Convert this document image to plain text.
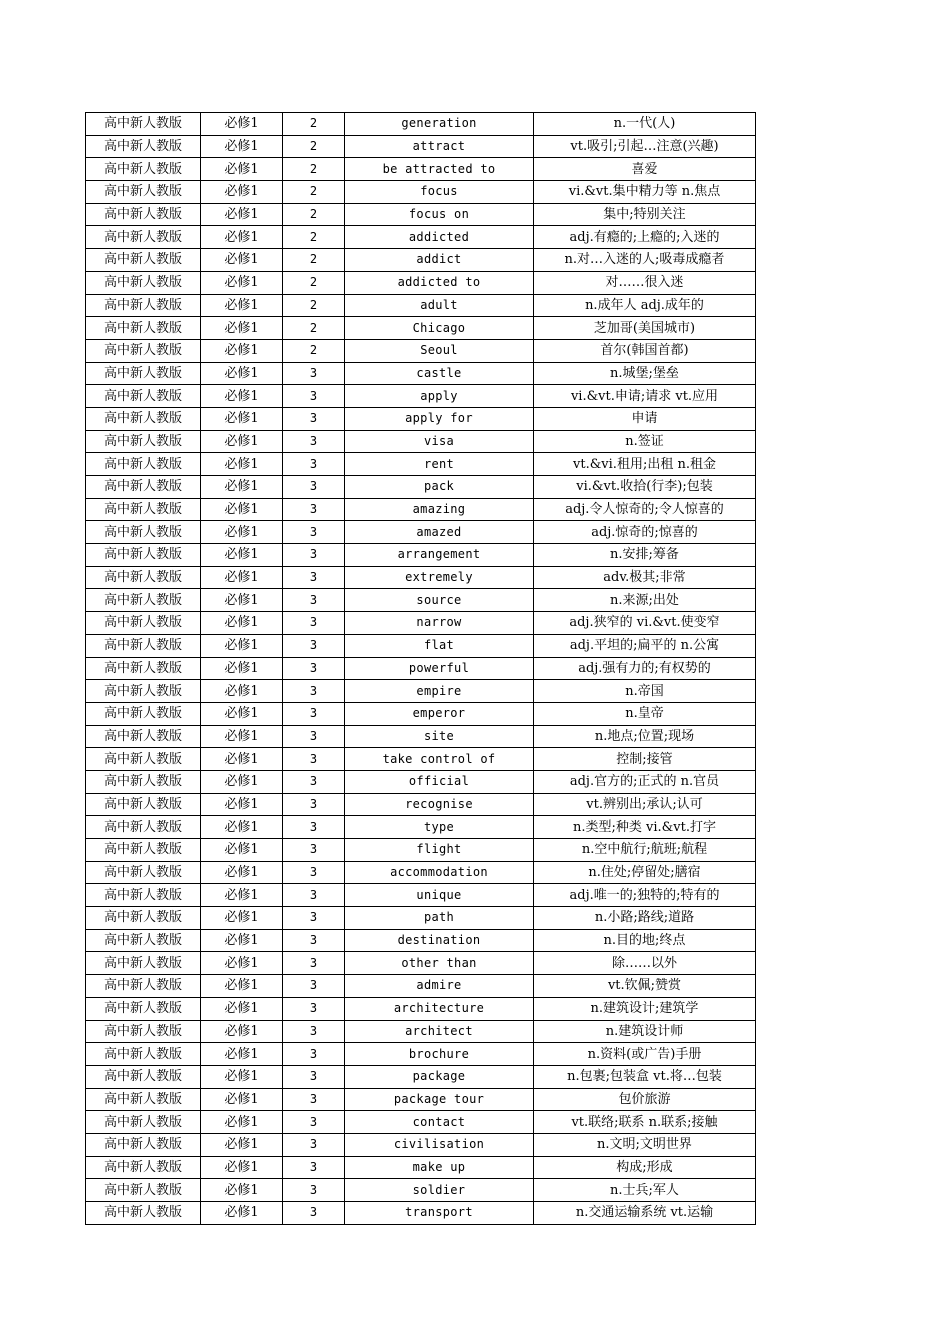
高中新人教版	必修1	2	generation	n.一代(人)
高中新人教版	必修1	2	attract	vt.吸引;引起…注意(兴趣)
高中新人教版	必修1	2	be attracted to	喜爱
高中新人教版	必修1	2	focus	vi.&vt.集中精力等 n.焦点
高中新人教版	必修1	2	focus on	集中;特别关注
高中新人教版	必修1	2	addicted	adj.有瘾的;上瘾的;入迷的
高中新人教版	必修1	2	addict	n.对…入迷的人;吸毒成瘾者
高中新人教版	必修1	2	addicted to	对……很入迷
高中新人教版	必修1	2	adult	n.成年人 adj.成年的
高中新人教版	必修1	2	Chicago	芝加哥(美国城市)
高中新人教版	必修1	2	Seoul	首尔(韩国首都)
高中新人教版	必修1	3	castle	n.城堡;堡垒
高中新人教版	必修1	3	apply	vi.&vt.申请;请求 vt.应用
高中新人教版	必修1	3	apply for	申请
高中新人教版	必修1	3	visa	n.签证
高中新人教版	必修1	3	rent	vt.&vi.租用;出租 n.租金
高中新人教版	必修1	3	pack	vi.&vt.收拾(行李);包装
高中新人教版	必修1	3	amazing	adj.令人惊奇的;令人惊喜的
高中新人教版	必修1	3	amazed	adj.惊奇的;惊喜的
高中新人教版	必修1	3	arrangement	n.安排;筹备
高中新人教版	必修1	3	extremely	adv.极其;非常
高中新人教版	必修1	3	source	n.来源;出处
高中新人教版	必修1	3	narrow	adj.狭窄的 vi.&vt.使变窄
高中新人教版	必修1	3	flat	adj.平坦的;扁平的 n.公寓
高中新人教版	必修1	3	powerful	adj.强有力的;有权势的
高中新人教版	必修1	3	empire	n.帝国
高中新人教版	必修1	3	emperor	n.皇帝
高中新人教版	必修1	3	site	n.地点;位置;现场
高中新人教版	必修1	3	take control of	控制;接管
高中新人教版	必修1	3	official	adj.官方的;正式的 n.官员
高中新人教版	必修1	3	recognise	vt.辨别出;承认;认可
高中新人教版	必修1	3	type	n.类型;种类 vi.&vt.打字
高中新人教版	必修1	3	flight	n.空中航行;航班;航程
高中新人教版	必修1	3	accommodation	n.住处;停留处;膳宿
高中新人教版	必修1	3	unique	adj.唯一的;独特的;特有的
高中新人教版	必修1	3	path	n.小路;路线;道路
高中新人教版	必修1	3	destination	n.目的地;终点
高中新人教版	必修1	3	other than	除……以外
高中新人教版	必修1	3	admire	vt.钦佩;赞赏
高中新人教版	必修1	3	architecture	n.建筑设计;建筑学
高中新人教版	必修1	3	architect	n.建筑设计师
高中新人教版	必修1	3	brochure	n.资料(或广告)手册
高中新人教版	必修1	3	package	n.包裹;包装盒 vt.将…包装
高中新人教版	必修1	3	package tour	包价旅游
高中新人教版	必修1	3	contact	vt.联络;联系 n.联系;接触
高中新人教版	必修1	3	civilisation	n.文明;文明世界
高中新人教版	必修1	3	make up	构成;形成
高中新人教版	必修1	3	soldier	n.士兵;军人
高中新人教版	必修1	3	transport	n.交通运输系统 vt.运输
